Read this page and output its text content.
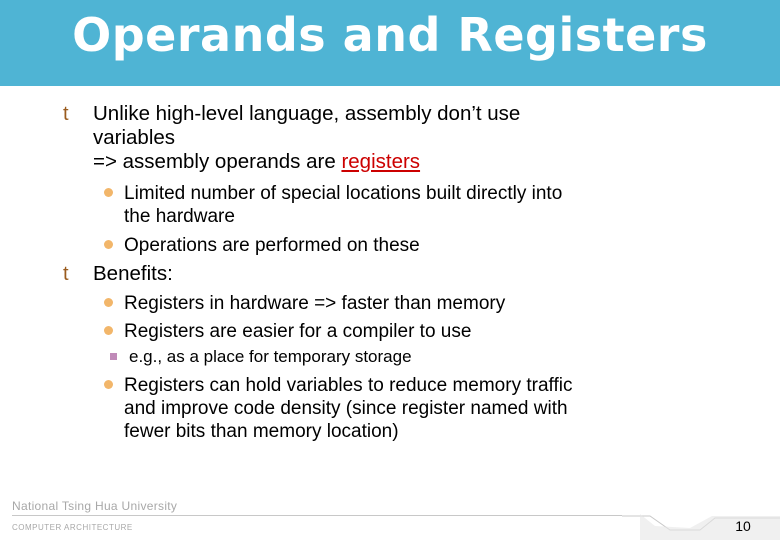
Operands and Registers
t Unlike high-level language, assembly don’t use
variables
=> assembly operands are registers
Limited number of special locations built directly into
the hardware
Operations are performed on these
t Benefits:
Registers in hardware => faster than memory
Registers are easier for a compiler to use
e.g., as a place for temporary storage
Registers can hold variables to reduce memory traffic
and improve code density (since register named with
fewer bits than memory location)
National Tsing Hua University
COMPUTER ARCHITECTURE	10
